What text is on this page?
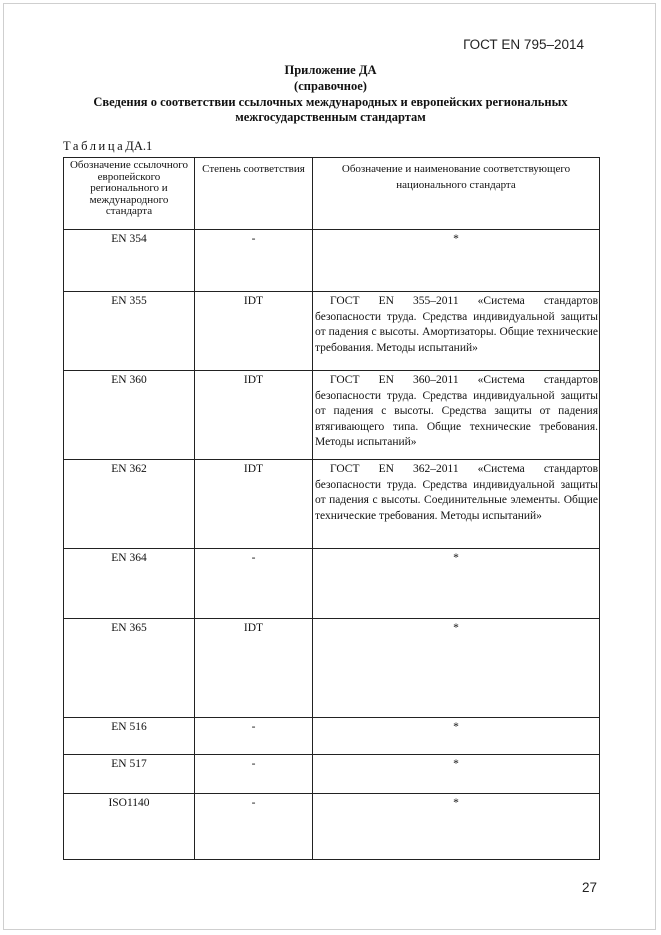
ГОСТ EN 795–2014
Приложение ДА
(справочное)
Сведения о соответствии ссылочных международных и европейских региональных
межгосударственным стандартам
ТаблицаДА.1
Обозначение ссылочного европейского регионального и международного стандарта	Степень соответствия	Обозначение и наименование соответствующего национального стандарта
EN 354	-	*
EN 355	IDT	ГОСТ EN 355–2011 «Система стандартов безопасности труда. Средства индивидуальной защиты от падения с высоты. Амортизаторы. Общие технические требования. Методы испытаний»
EN 360	IDT	ГОСТ EN 360–2011 «Система стандартов безопасности труда. Средства индивидуальной защиты от падения с высоты. Средства защиты от падения втягивающего типа. Общие технические требования. Методы испытаний»
EN 362	IDT	ГОСТ EN 362–2011 «Система стандартов безопасности труда. Средства индивидуальной защиты от падения с высоты. Соединительные элементы. Общие технические требования. Методы испытаний»
EN 364	-	*
EN 365	IDT	*
EN 516	-	*
EN 517	-	*
ISO1140	-	*
27
